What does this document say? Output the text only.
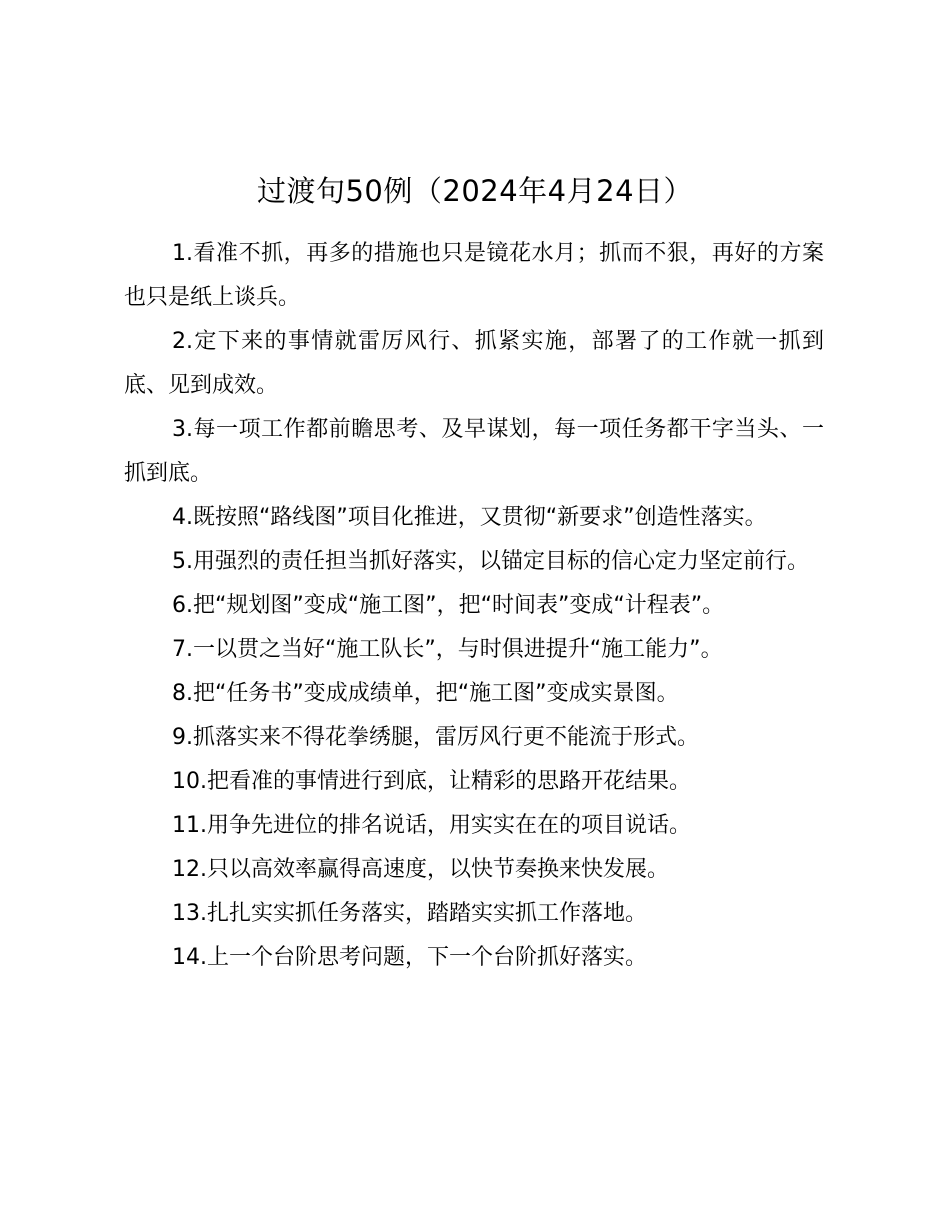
过渡句50例（2024年4月24日）

1.看准不抓，再多的措施也只是镜花水月；抓而不狠，再好的方案也只是纸上谈兵。

2.定下来的事情就雷厉风行、抓紧实施，部署了的工作就一抓到底、见到成效。

3.每一项工作都前瞻思考、及早谋划，每一项任务都干字当头、一抓到底。

4.既按照“路线图”项目化推进，又贯彻“新要求”创造性落实。

5.用强烈的责任担当抓好落实，以锚定目标的信心定力坚定前行。

6.把“规划图”变成“施工图”，把“时间表”变成“计程表”。

7.一以贯之当好“施工队长”，与时俱进提升“施工能力”。

8.把“任务书”变成成绩单，把“施工图”变成实景图。

9.抓落实来不得花拳绣腿，雷厉风行更不能流于形式。

10.把看准的事情进行到底，让精彩的思路开花结果。

11.用争先进位的排名说话，用实实在在的项目说话。

12.只以高效率赢得高速度，以快节奏换来快发展。

13.扎扎实实抓任务落实，踏踏实实抓工作落地。

14.上一个台阶思考问题，下一个台阶抓好落实。
